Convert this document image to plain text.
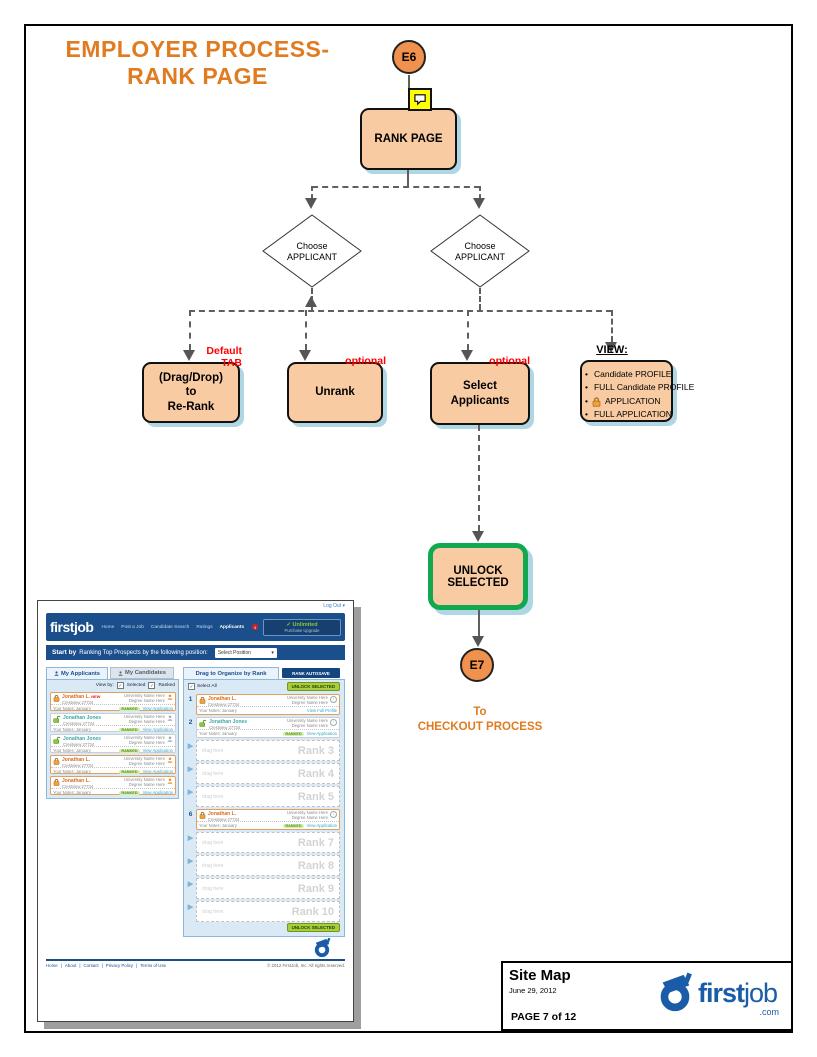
EMPLOYER PROCESS-
RANK PAGE
E6
RANK PAGE
Choose
APPLICANT
Choose
APPLICANT
Default
TAB	optional	optional
(Drag/Drop)
to
Re-Rank
Unrank
Select
Applicants
VIEW:
• Candidate PROFILE
• FULL Candidate PROFILE
• APPLICATION
• FULL APPLICATION
UNLOCK
SELECTED
E7
To
CHECKOUT PROCESS
Log Out ▾
firstjob Home Post a Job Candidate Search Ratings Applicants	4	✓ Unlimited
Purchase Upgrade
Start by Ranking Top Prospects by the following position: Select Position	▾
My Applicants	My Candidates
View by:	✓ Selected	✓ Ranked
Jonathan L.NEW
Crestview 27734
University Name Here
Degree Name Here
Your Notes: January	RANKED	View Application
Jonathan Jones
Crestview 27734
University Name Here
Degree Name Here
Your Notes: January	RANKED	View Application
Jonathan Jones
Crestview 27734
University Name Here
Degree Name Here
Your Notes: January	RANKED	View Application
Jonathan L.
Crestview 27734
University Name Here
Degree Name Here
Your Notes: January	RANKED	View Application
Jonathan L.
Crestview 27734
University Name Here
Degree Name Here
Your Notes: January	RANKED	View Application
Drag to Organize by Rank	RANK AUTOSAVE
✓ Select All	UNLOCK SELECTED
1	Jonathan L.
Crestview 27734
University Name Here
Degree Name Here
i
Your Notes: January	View Full Profile
2	Jonathan Jones
Crestview 27734
University Name Here
Degree Name Here
i
Your Notes: January	RANKED	View Application
▶
drag here	Rank 3
▶
drag here	Rank 4
▶
drag here	Rank 5
6	Jonathan L.
Crestview 27734
University Name Here
Degree Name Here
i
Your Notes: January	RANKED	View Application
▶
drag here	Rank 7
▶
drag here	Rank 8
▶
drag here	Rank 9
▶
drag here	Rank 10
UNLOCK SELECTED
Home | About | Contact | Privacy Policy | Terms of Use	© 2012 FirstJob, Inc. All rights reserved.
Site Map
June 29, 2012
PAGE 7 of 12
firstjob
.com
